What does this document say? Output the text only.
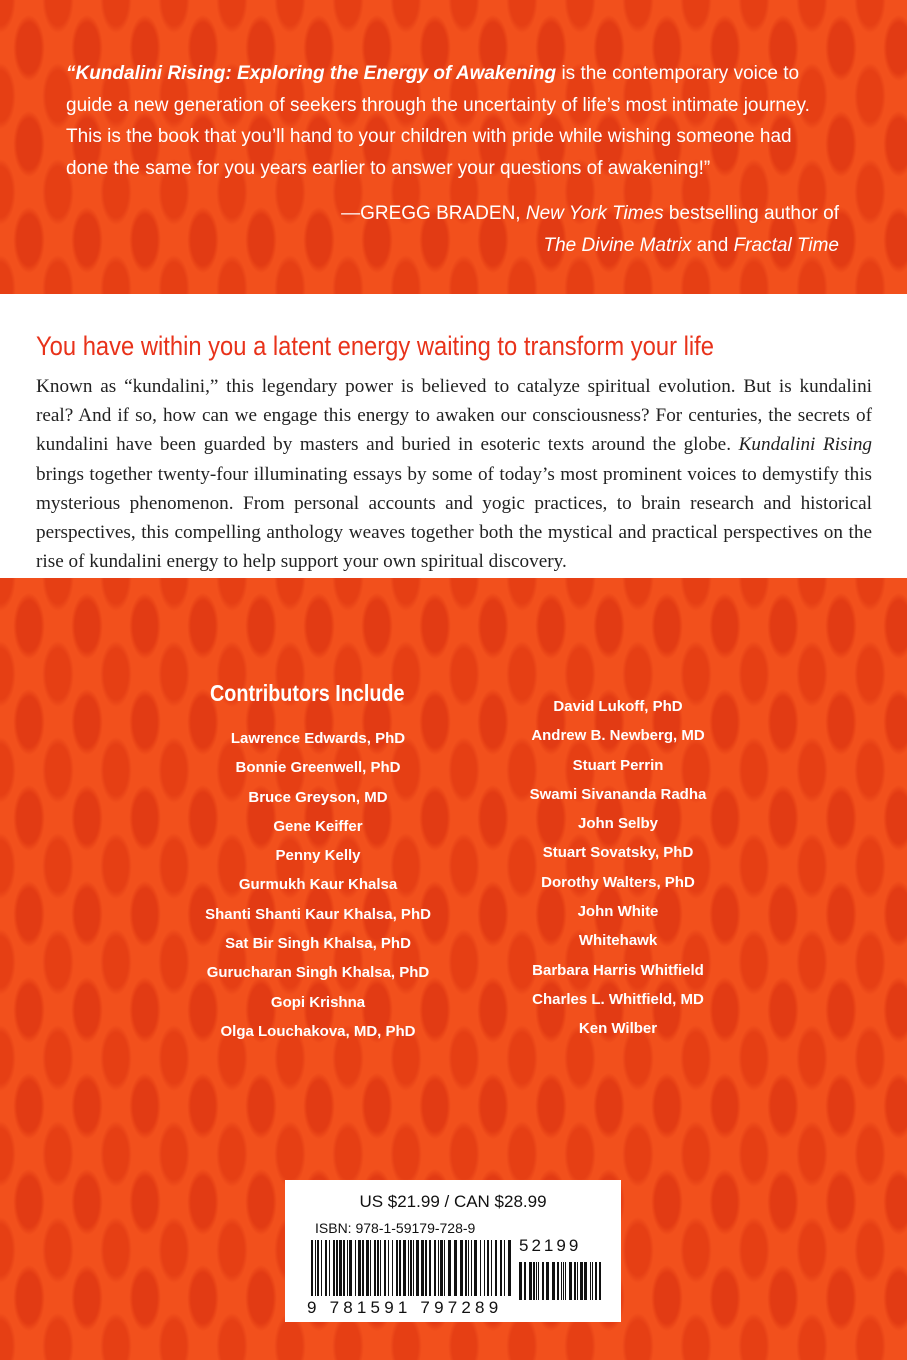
“Kundalini Rising: Exploring the Energy of Awakening is the contemporary voice to guide a new generation of seekers through the uncertainty of life’s most intimate journey. This is the book that you’ll hand to your children with pride while wishing someone had done the same for you years earlier to answer your questions of awakening!”
—GREGG BRADEN, New York Times bestselling author of
The Divine Matrix and Fractal Time
You have within you a latent energy waiting to transform your life
Known as “kundalini,” this legendary power is believed to catalyze spiritual evolution. But is kundalini real? And if so, how can we engage this energy to awaken our consciousness? For centuries, the secrets of kundalini have been guarded by masters and buried in esoteric texts around the globe. Kundalini Rising brings together twenty-four illuminating essays by some of today’s most prominent voices to demystify this mysterious phenomenon. From personal accounts and yogic practices, to brain research and historical perspectives, this compelling anthology weaves together both the mystical and practical perspectives on the rise of kundalini energy to help support your own spiritual discovery.
Contributors Include
Lawrence Edwards, PhD
Bonnie Greenwell, PhD
Bruce Greyson, MD
Gene Keiffer
Penny Kelly
Gurmukh Kaur Khalsa
Shanti Shanti Kaur Khalsa, PhD
Sat Bir Singh Khalsa, PhD
Gurucharan Singh Khalsa, PhD
Gopi Krishna
Olga Louchakova, MD, PhD
David Lukoff, PhD
Andrew B. Newberg, MD
Stuart Perrin
Swami Sivananda Radha
John Selby
Stuart Sovatsky, PhD
Dorothy Walters, PhD
John White
Whitehawk
Barbara Harris Whitfield
Charles L. Whitfield, MD
Ken Wilber
US $21.99 / CAN $28.99
ISBN: 978-1-59179-728-9
52199
9 781591 797289
